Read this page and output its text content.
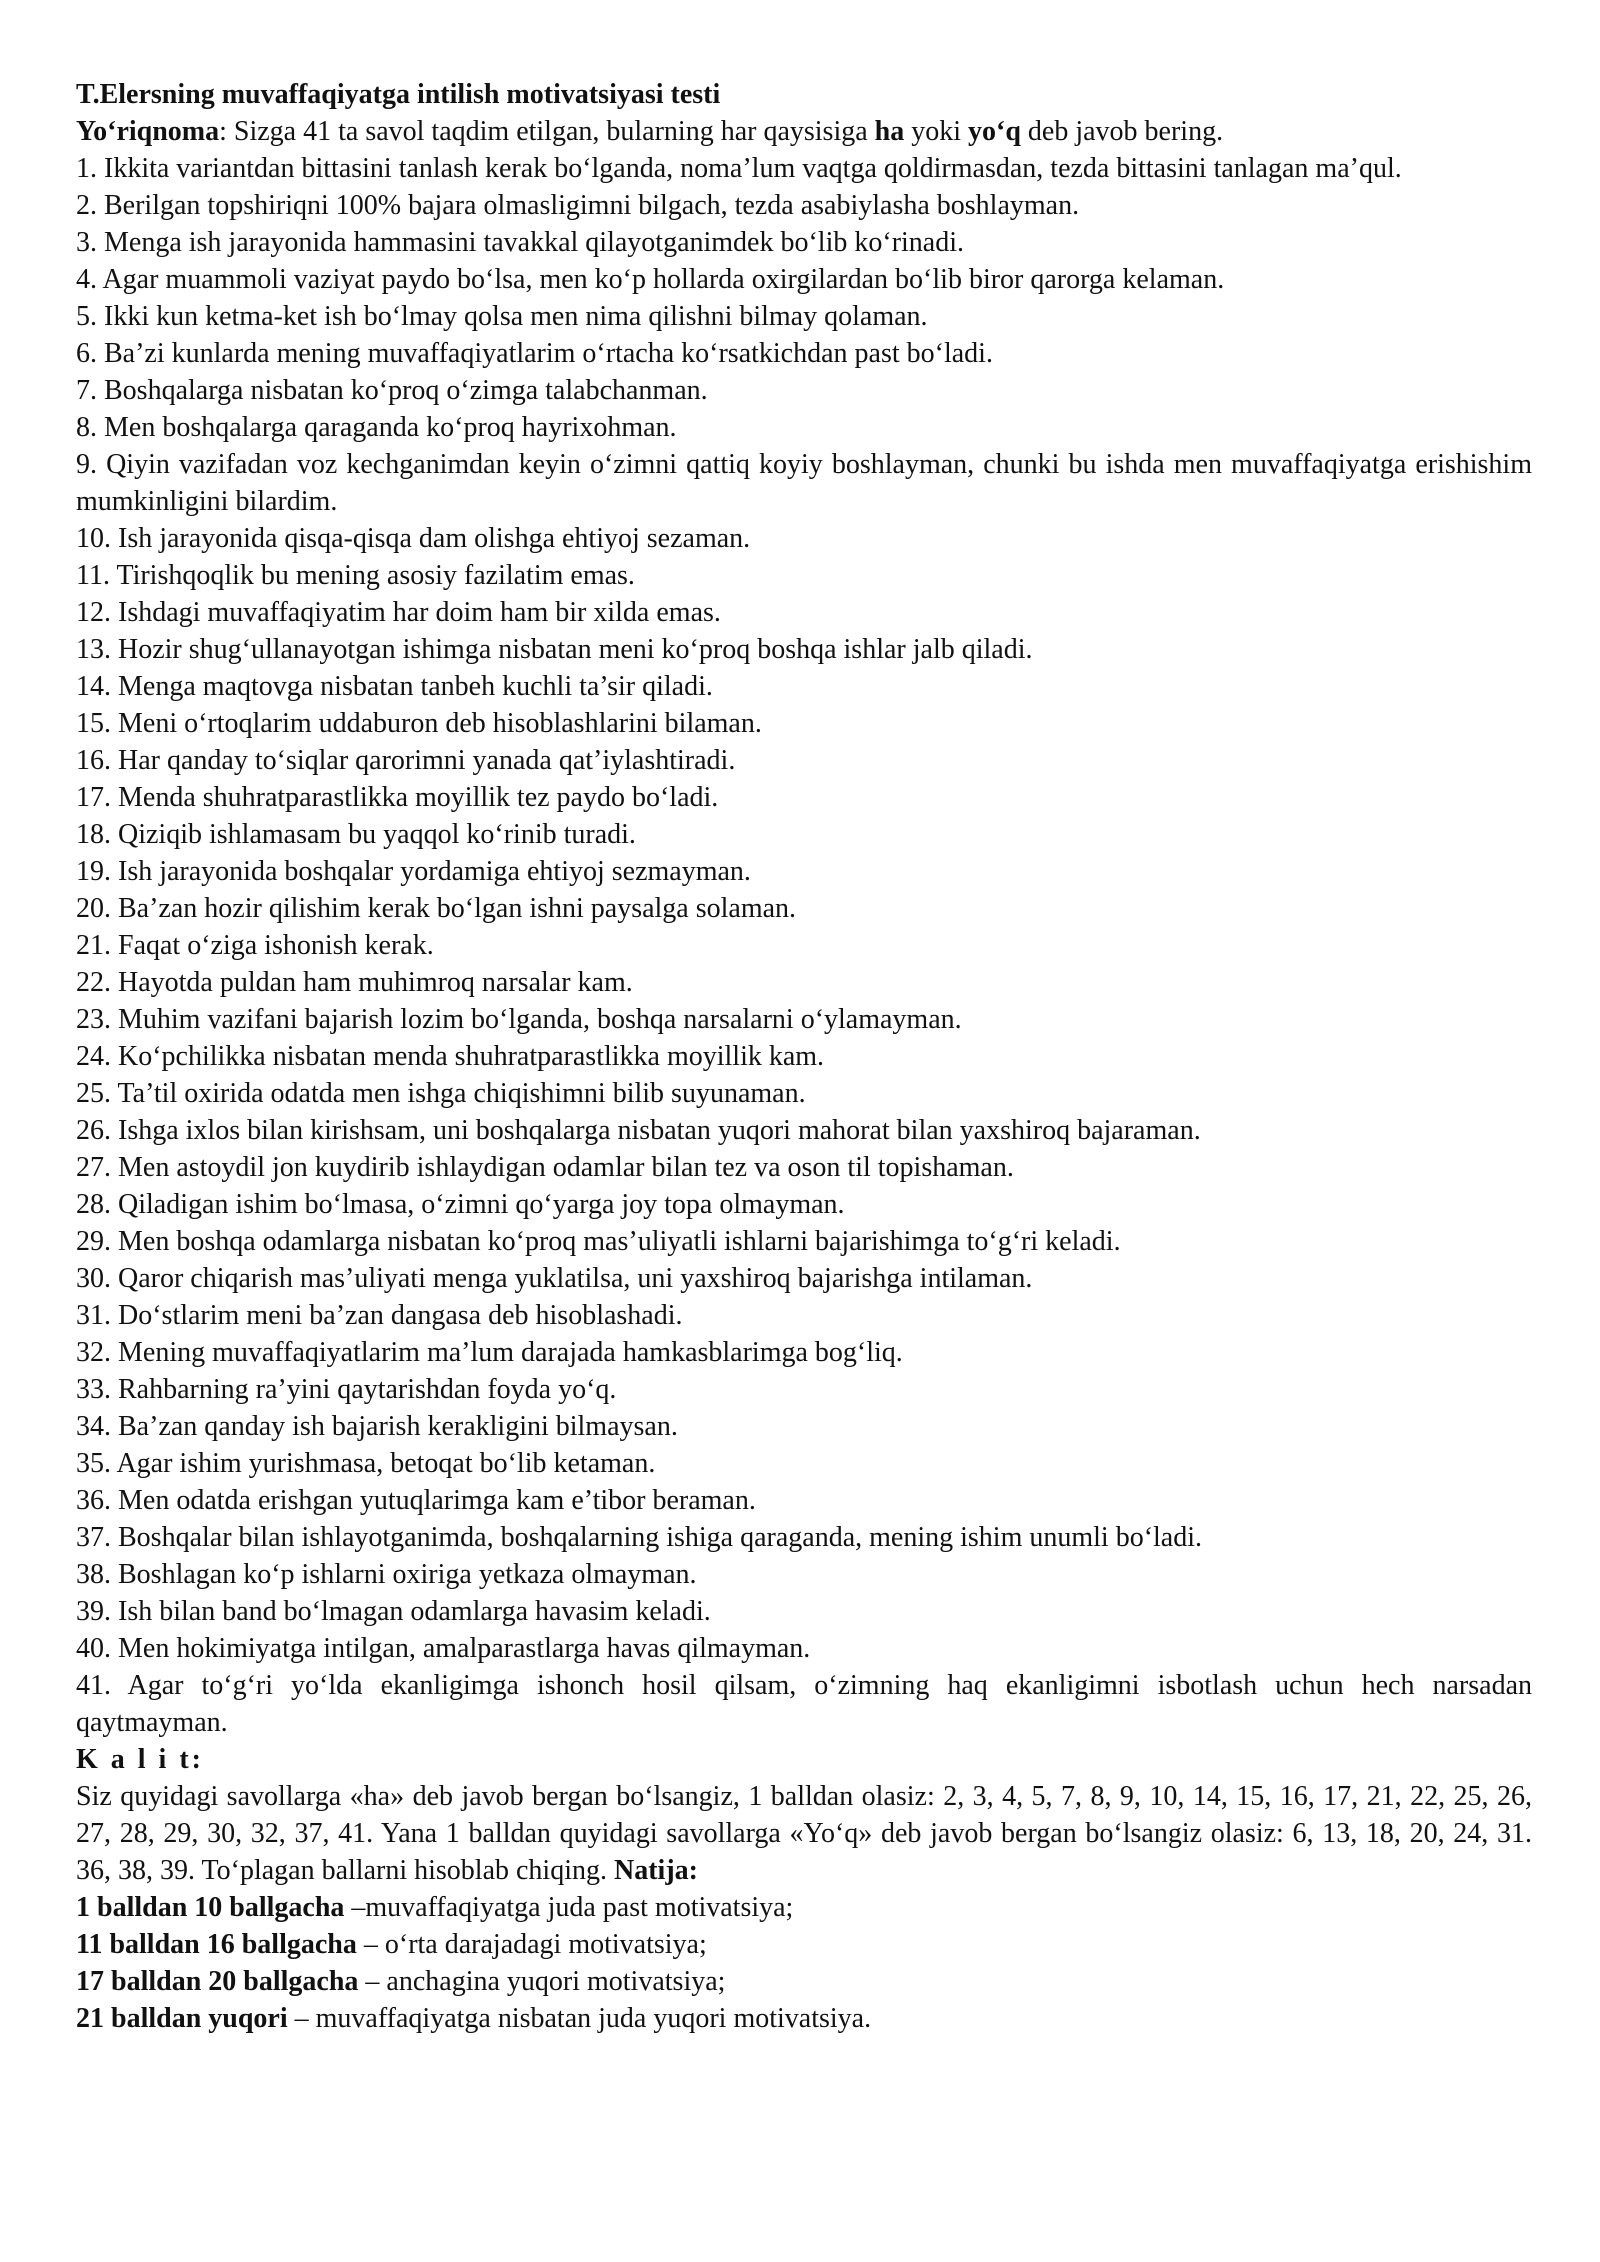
T.Elersning muvaffaqiyatga intilish motivatsiyasi testi
Yo‘riqnoma: Sizga 41 ta savol taqdim etilgan, bularning har qaysisiga ha yoki yo‘q deb javob bering.
1. Ikkita variantdan bittasini tanlash kerak bo‘lganda, noma’lum vaqtga qoldirmasdan, tezda bittasini tanlagan ma’qul.
2. Berilgan topshiriqni 100% bajara olmasligimni bilgach, tezda asabiylasha boshlayman.
3. Menga ish jarayonida hammasini tavakkal qilayotganimdek bo‘lib ko‘rinadi.
4. Agar muammoli vaziyat paydo bo‘lsa, men ko‘p hollarda oxirgilardan bo‘lib biror qarorga kelaman.
5. Ikki kun ketma-ket ish bo‘lmay qolsa men nima qilishni bilmay qolaman.
6. Ba’zi kunlarda mening muvaffaqiyatlarim o‘rtacha ko‘rsatkichdan past bo‘ladi.
7. Boshqalarga nisbatan ko‘proq o‘zimga talabchanman.
8. Men boshqalarga qaraganda ko‘proq hayrixohman.
9. Qiyin vazifadan voz kechganimdan keyin o‘zimni qattiq koyiy boshlayman, chunki bu ishda men muvaffaqiyatga erishishim mumkinligini bilardim.
10. Ish jarayonida qisqa-qisqa dam olishga ehtiyoj sezaman.
11. Tirishqoqlik bu mening asosiy fazilatim emas.
12. Ishdagi muvaffaqiyatim har doim ham bir xilda emas.
13. Hozir shug‘ullanayotgan ishimga nisbatan meni ko‘proq boshqa ishlar jalb qiladi.
14. Menga maqtovga nisbatan tanbeh kuchli ta’sir qiladi.
15. Meni o‘rtoqlarim uddaburon deb hisoblashlarini bilaman.
16. Har qanday to‘siqlar qarorimni yanada qat’iylashtiradi.
17. Menda shuhratparastlikka moyillik tez paydo bo‘ladi.
18. Qiziqib ishlamasam bu yaqqol ko‘rinib turadi.
19. Ish jarayonida boshqalar yordamiga ehtiyoj sezmayman.
20. Ba’zan hozir qilishim kerak bo‘lgan ishni paysalga solaman.
21. Faqat o‘ziga ishonish kerak.
22. Hayotda puldan ham muhimroq narsalar kam.
23. Muhim vazifani bajarish lozim bo‘lganda, boshqa narsalarni o‘ylamayman.
24. Ko‘pchilikka nisbatan menda shuhratparastlikka moyillik kam.
25. Ta’til oxirida odatda men ishga chiqishimni bilib suyunaman.
26. Ishga ixlos bilan kirishsam, uni boshqalarga nisbatan yuqori mahorat bilan yaxshiroq bajaraman.
27. Men astoydil jon kuydirib ishlaydigan odamlar bilan tez va oson til topishaman.
28. Qiladigan ishim bo‘lmasa, o‘zimni qo‘yarga joy topa olmayman.
29. Men boshqa odamlarga nisbatan ko‘proq mas’uliyatli ishlarni bajarishimga to‘g‘ri keladi.
30. Qaror chiqarish mas’uliyati menga yuklatilsa, uni yaxshiroq bajarishga intilaman.
31. Do‘stlarim meni ba’zan dangasa deb hisoblashadi.
32. Mening muvaffaqiyatlarim ma’lum darajada hamkasblarimga bog‘liq.
33. Rahbarning ra’yini qaytarishdan foyda yo‘q.
34. Ba’zan qanday ish bajarish kerakligini bilmaysan.
35. Agar ishim yurishmasa, betoqat bo‘lib ketaman.
36. Men odatda erishgan yutuqlarimga kam e’tibor beraman.
37. Boshqalar bilan ishlayotganimda, boshqalarning ishiga qaraganda, mening ishim unumli bo‘ladi.
38. Boshlagan ko‘p ishlarni oxiriga yetkaza olmayman.
39. Ish bilan band bo‘lmagan odamlarga havasim keladi.
40. Men hokimiyatga intilgan, amalparastlarga havas qilmayman.
41. Agar to‘g‘ri yo‘lda ekanligimga ishonch hosil qilsam, o‘zimning haq ekanligimni isbotlash uchun hech narsadan qaytmayman.
K a l i t:
Siz quyidagi savollarga «ha» deb javob bergan bo‘lsangiz, 1 balldan olasiz: 2, 3, 4, 5, 7, 8, 9, 10, 14, 15, 16, 17, 21, 22, 25, 26, 27, 28, 29, 30, 32, 37, 41. Yana 1 balldan quyidagi savollarga «Yo‘q» deb javob bergan bo‘lsangiz olasiz: 6, 13, 18, 20, 24, 31. 36, 38, 39. To‘plagan ballarni hisoblab chiqing. Natija:
1 balldan 10 ballgacha –muvaffaqiyatga juda past motivatsiya;
11 balldan 16 ballgacha – o‘rta darajadagi motivatsiya;
17 balldan 20 ballgacha – anchagina yuqori motivatsiya;
21 balldan yuqori – muvaffaqiyatga nisbatan juda yuqori motivatsiya.
